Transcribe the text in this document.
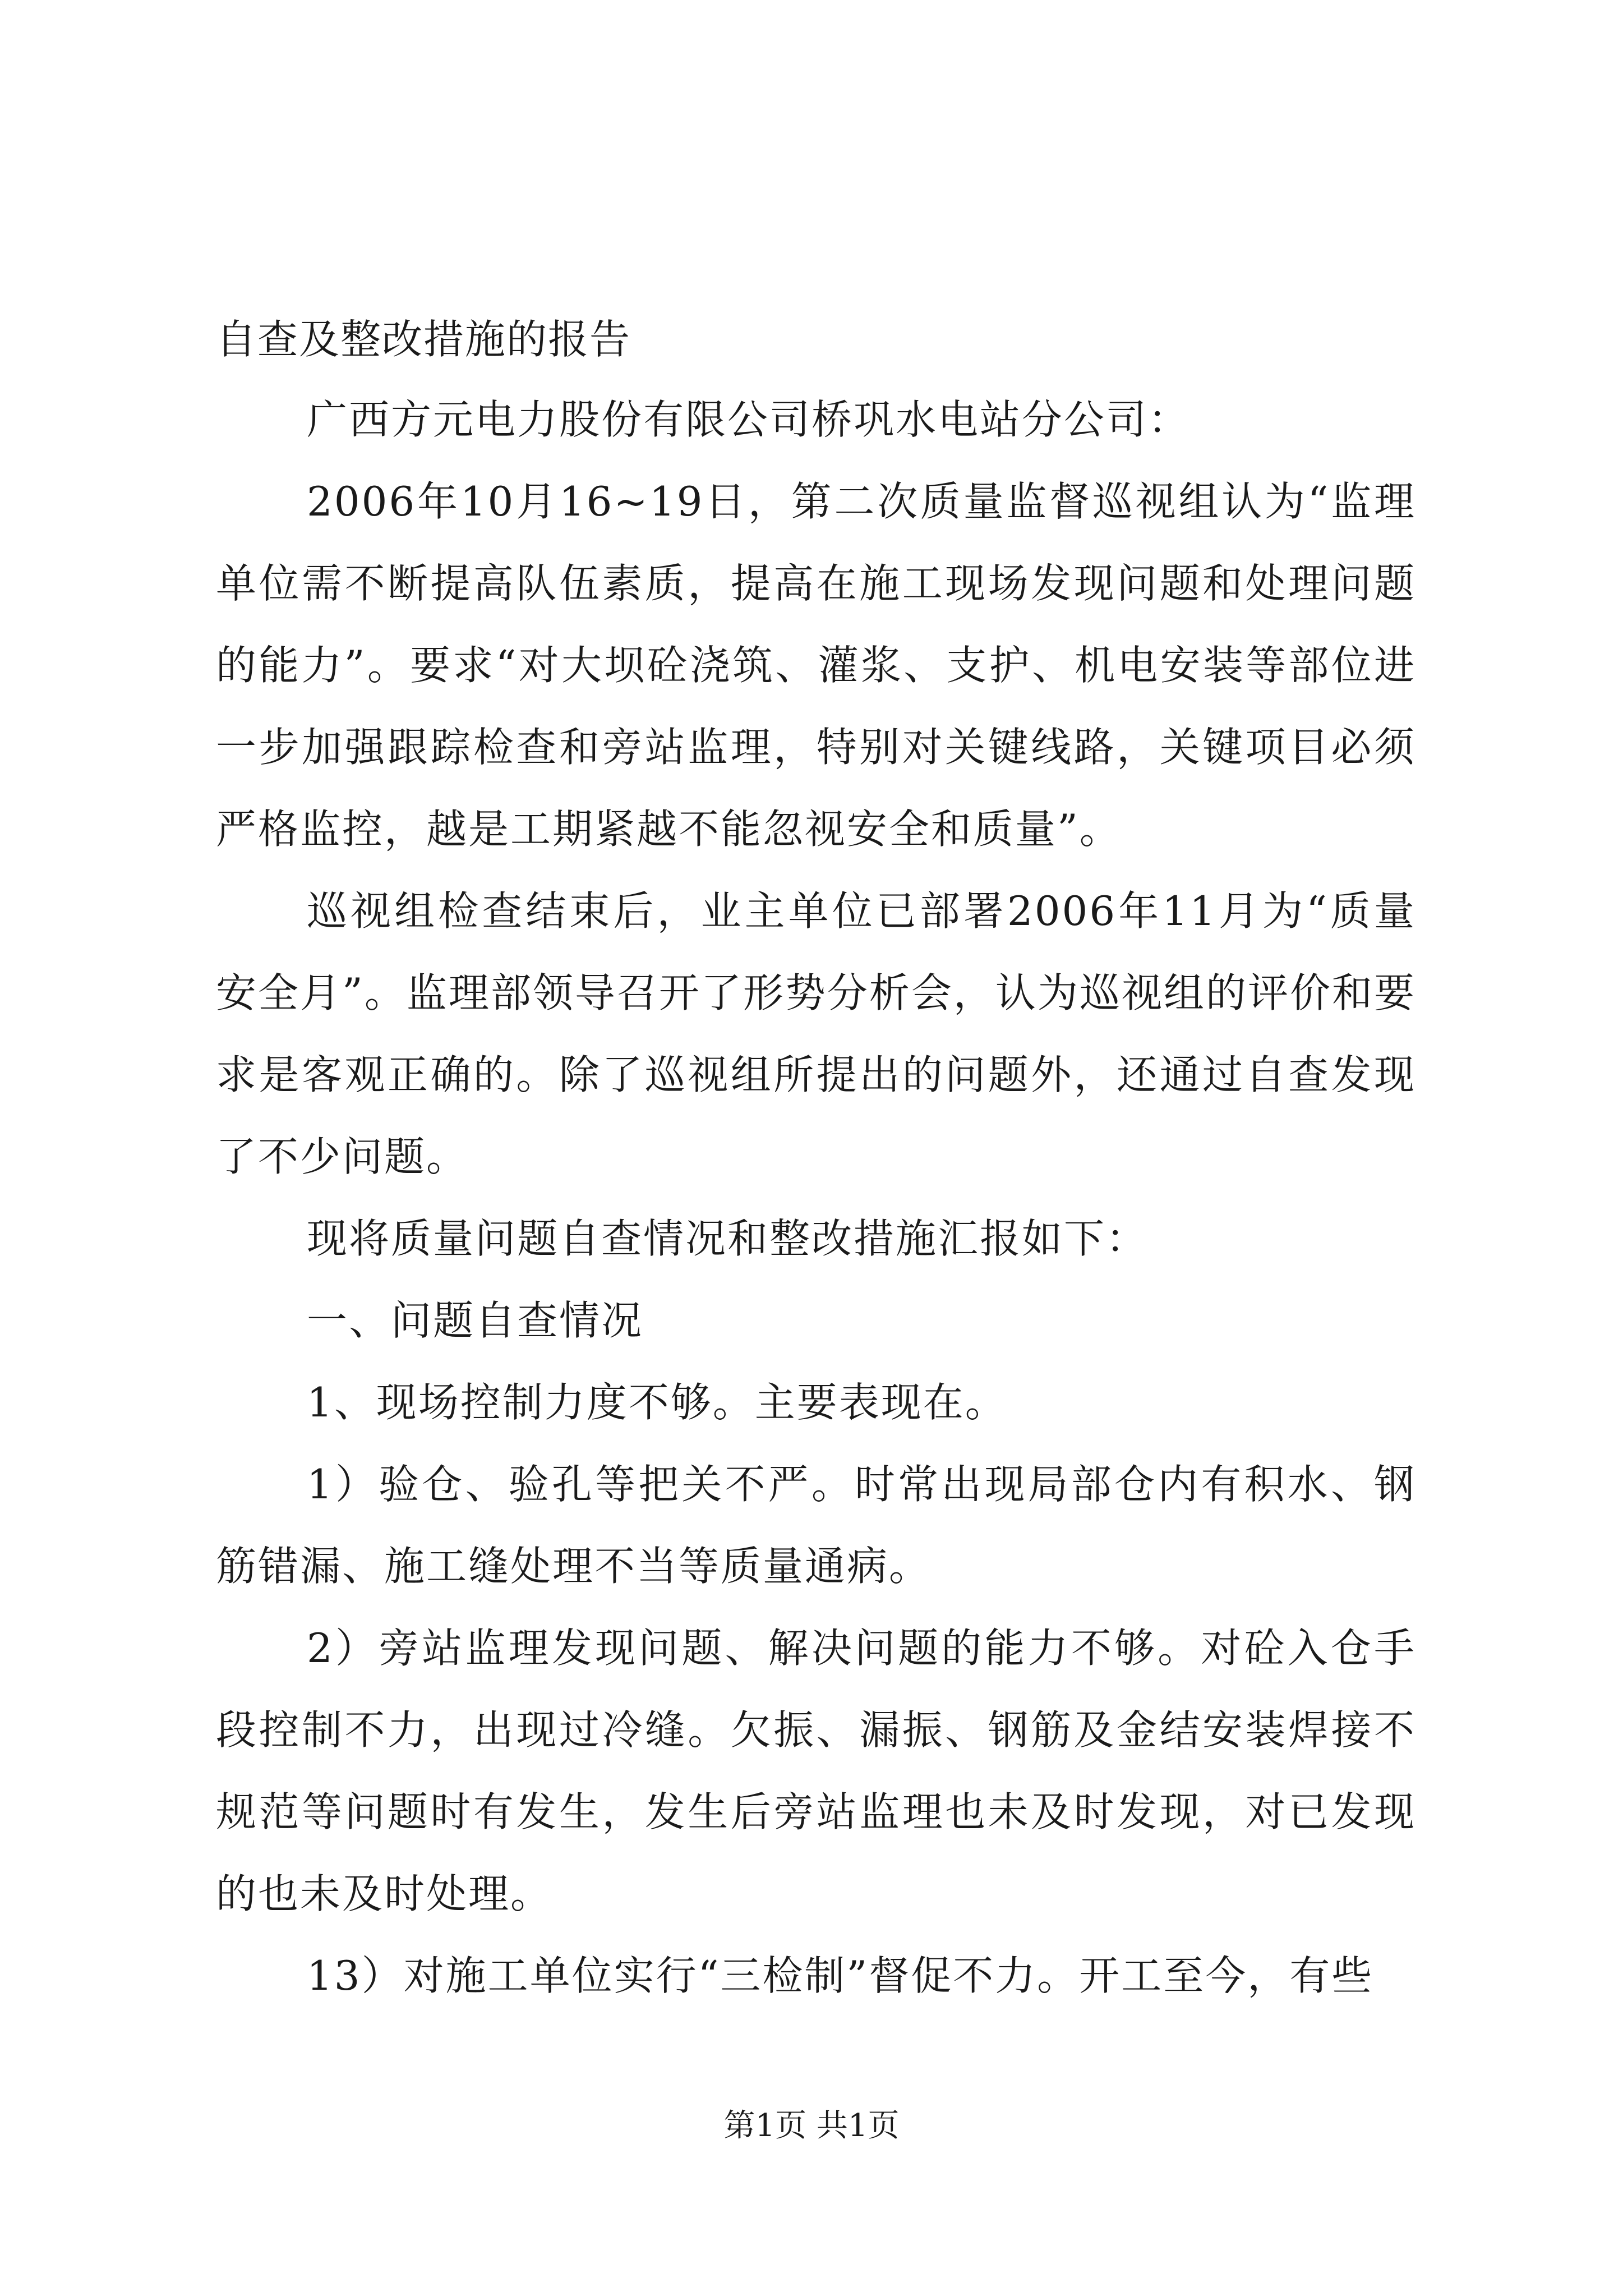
自查及整改措施的报告

广西方元电力股份有限公司桥巩水电站分公司：

2006年10月16~19日，第二次质量监督巡视组认为“监理单位需不断提高队伍素质，提高在施工现场发现问题和处理问题的能力”。要求“对大坝砼浇筑、灌浆、支护、机电安装等部位进一步加强跟踪检查和旁站监理，特别对关键线路，关键项目必须严格监控，越是工期紧越不能忽视安全和质量”。

巡视组检查结束后，业主单位已部署2006年11月为“质量安全月”。监理部领导召开了形势分析会，认为巡视组的评价和要求是客观正确的。除了巡视组所提出的问题外，还通过自查发现了不少问题。

现将质量问题自查情况和整改措施汇报如下：

一、问题自查情况

1、现场控制力度不够。主要表现在。

1）验仓、验孔等把关不严。时常出现局部仓内有积水、钢筋错漏、施工缝处理不当等质量通病。

2）旁站监理发现问题、解决问题的能力不够。对砼入仓手段控制不力，出现过冷缝。欠振、漏振、钢筋及金结安装焊接不规范等问题时有发生，发生后旁站监理也未及时发现，对已发现的也未及时处理。

13）对施工单位实行“三检制”督促不力。开工至今，有些

第1页 共1页
